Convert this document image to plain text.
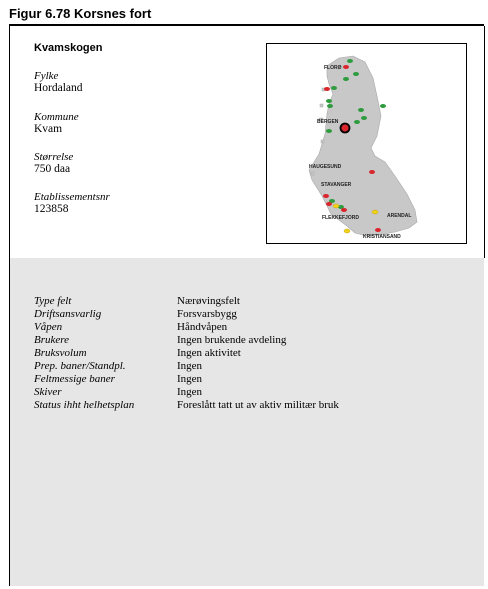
Figur 6.78 Korsnes fort
Kvamskogen
Fylke
Hordaland
Kommune
Kvam
Størrelse
750 daa
Etablissementsnr
123858
FLORØ
BERGEN
HAUGESUND
STAVANGER
FLEKKEFJORD	ARENDAL
KRISTIANSAND
Type felt	Nærøvingsfelt
Driftsansvarlig	Forsvarsbygg
Våpen	Håndvåpen
Brukere	Ingen brukende avdeling
Bruksvolum	Ingen aktivitet
Prep. baner/Standpl.	Ingen
Feltmessige baner	Ingen
Skiver	Ingen
Status ihht helhetsplan	Foreslått tatt ut av aktiv militær bruk
